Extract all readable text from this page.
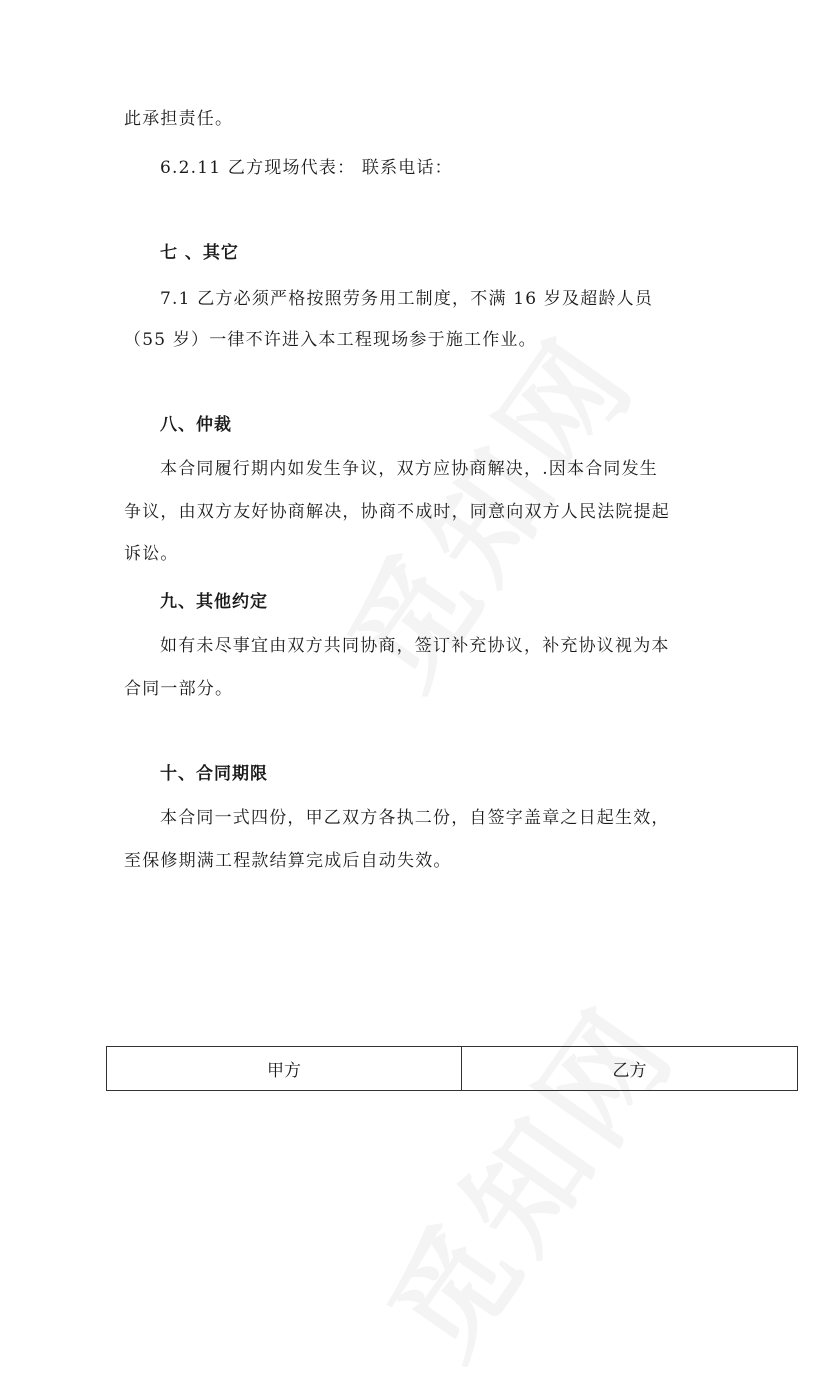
此承担责任。
6.2.11 乙方现场代表： 联系电话：
七 、其它
7.1 乙方必须严格按照劳务用工制度，不满 16 岁及超龄人员
（55 岁）一律不许进入本工程现场参于施工作业。
八、仲裁
本合同履行期内如发生争议，双方应协商解决，.因本合同发生
争议，由双方友好协商解决，协商不成时，同意向双方人民法院提起
诉讼。
九、其他约定
如有未尽事宜由双方共同协商，签订补充协议，补充协议视为本
合同一部分。
十、合同期限
本合同一式四份，甲乙双方各执二份，自签字盖章之日起生效，
至保修期满工程款结算完成后自动失效。
甲方	乙方
